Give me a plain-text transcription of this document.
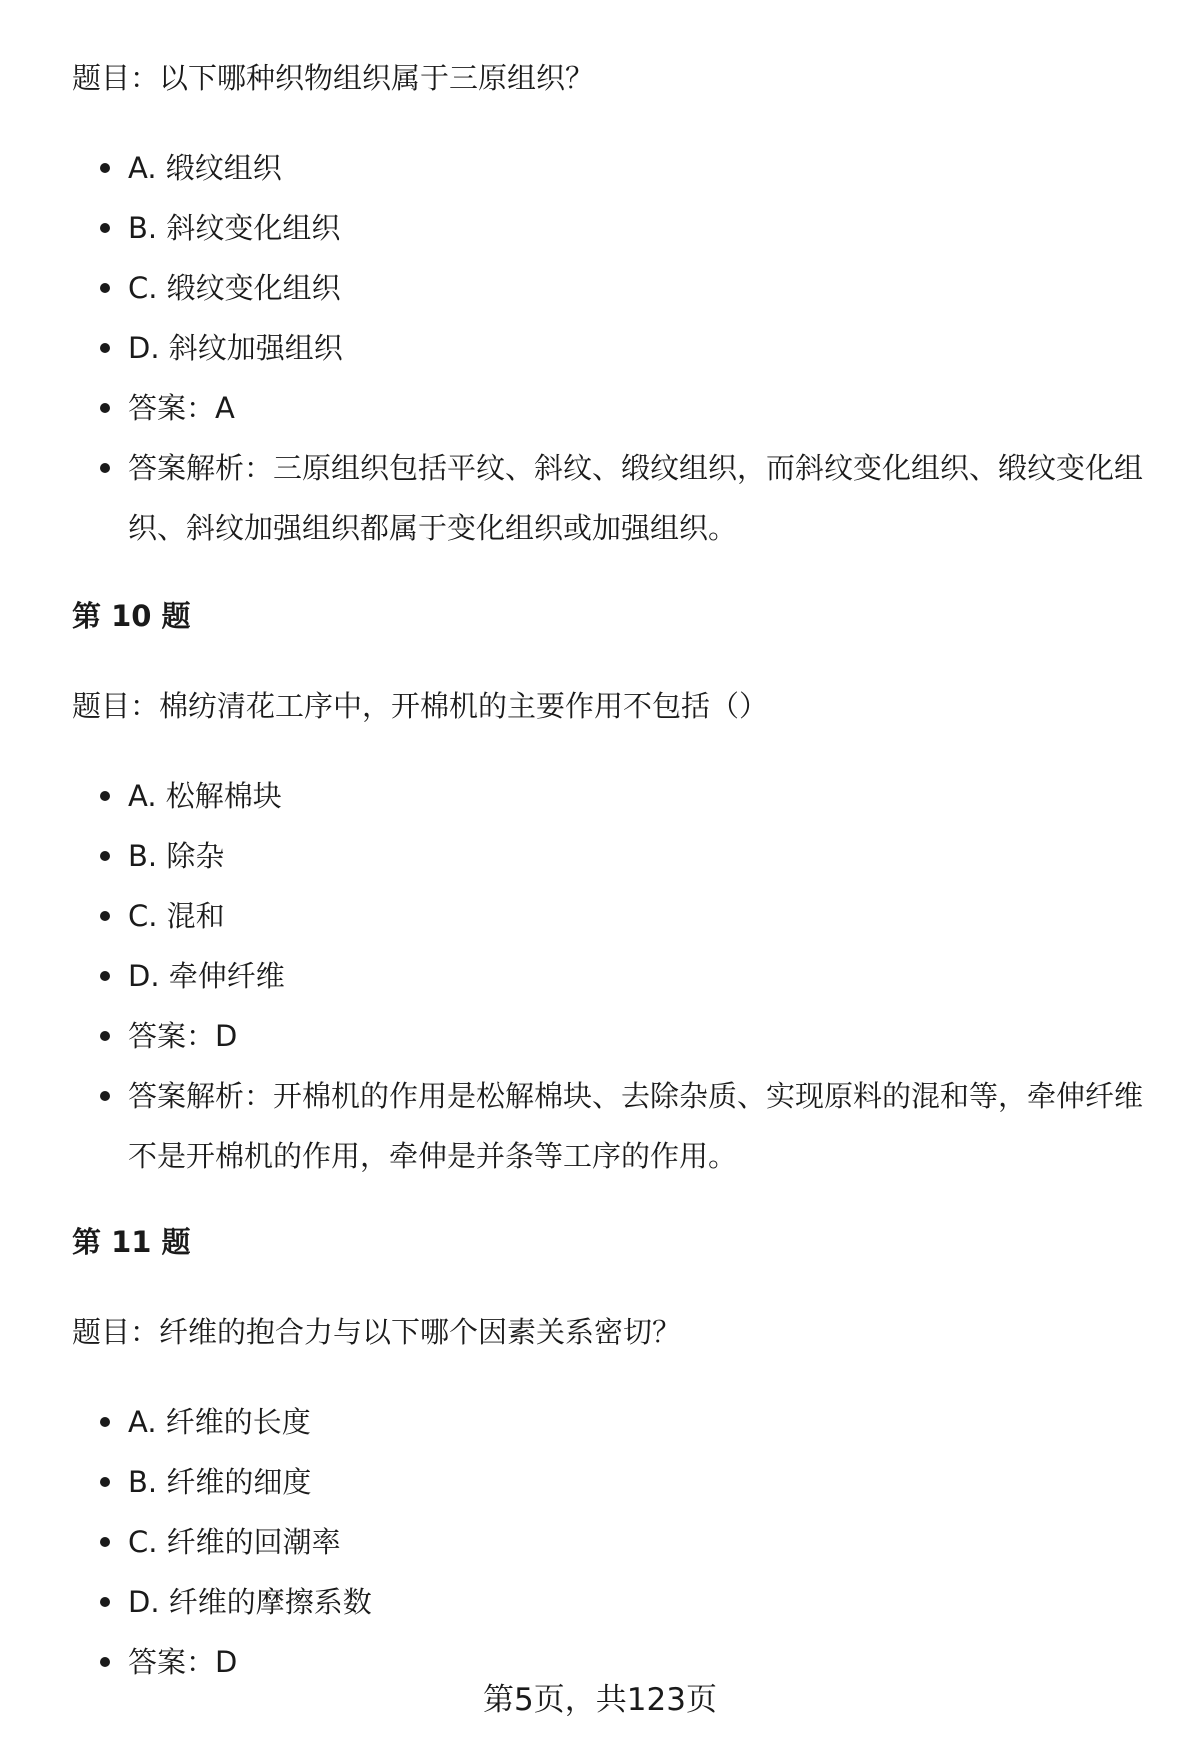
题目：以下哪种织物组织属于三原组织？
A. 缎纹组织
B. 斜纹变化组织
C. 缎纹变化组织
D. 斜纹加强组织
答案：A
答案解析：三原组织包括平纹、斜纹、缎纹组织，而斜纹变化组织、缎纹变化组织、斜纹加强组织都属于变化组织或加强组织。
第 10 题
题目：棉纺清花工序中，开棉机的主要作用不包括（）
A. 松解棉块
B. 除杂
C. 混和
D. 牵伸纤维
答案：D
答案解析：开棉机的作用是松解棉块、去除杂质、实现原料的混和等，牵伸纤维不是开棉机的作用，牵伸是并条等工序的作用。
第 11 题
题目：纤维的抱合力与以下哪个因素关系密切？
A. 纤维的长度
B. 纤维的细度
C. 纤维的回潮率
D. 纤维的摩擦系数
答案：D
第5页，共123页
